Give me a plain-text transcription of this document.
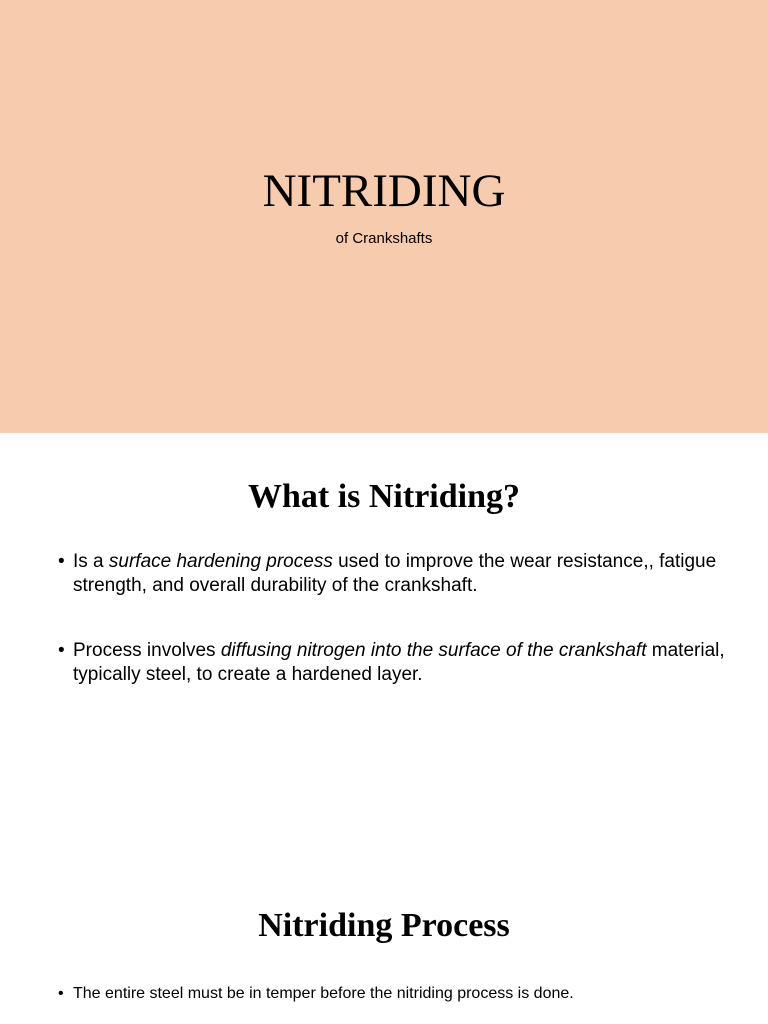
NITRIDING
of Crankshafts
What is Nitriding?
• Is a surface hardening process used to improve the wear resistance,, fatigue strength, and overall durability of the crankshaft.
• Process involves diffusing nitrogen into the surface of the crankshaft material, typically steel, to create a hardened layer.
Nitriding Process
• The entire steel must be in temper before the nitriding process is done.
